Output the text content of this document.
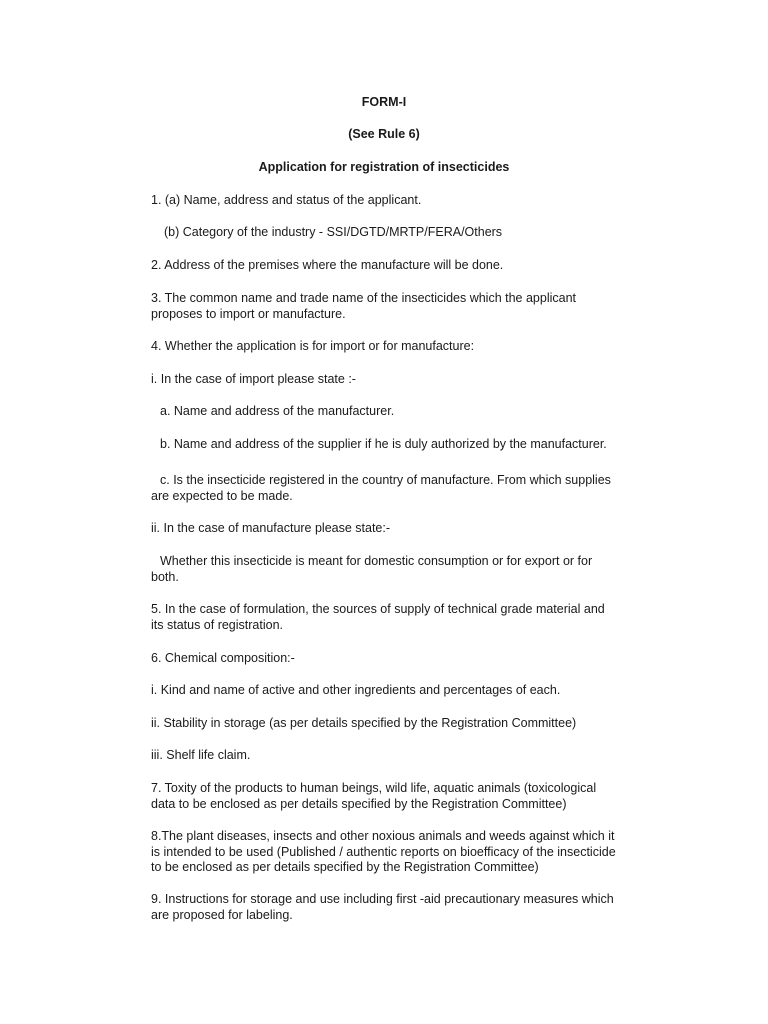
FORM-I
(See Rule 6)
Application for registration of insecticides
1. (a) Name, address and status of the applicant.
(b) Category of the industry - SSI/DGTD/MRTP/FERA/Others
2. Address of the premises where the manufacture will be done.
3. The common name and trade name of the insecticides which the applicant
proposes to import or manufacture.
4. Whether the application is for import or for manufacture:
i. In the case of import please state :-
a. Name and address of the manufacturer.
b. Name and address of the supplier if he is duly authorized by the manufacturer.
c. Is the insecticide registered in the country of manufacture. From which supplies
are expected to be made.
ii. In the case of manufacture please state:-
Whether this insecticide is meant for domestic consumption or for export or for
both.
5. In the case of formulation, the sources of supply of technical grade material and
its status of registration.
6. Chemical composition:-
i. Kind and name of active and other ingredients and percentages of each.
ii. Stability in storage (as per details specified by the Registration Committee)
iii. Shelf life claim.
7. Toxity of the products to human beings, wild life, aquatic animals (toxicological
data to be enclosed as per details specified by the Registration Committee)
8.The plant diseases, insects and other noxious animals and weeds against which it
is intended to be used (Published / authentic reports on bioefficacy of the insecticide
to be enclosed as per details specified by the Registration Committee)
9. Instructions for storage and use including first -aid precautionary measures which
are proposed for labeling.
